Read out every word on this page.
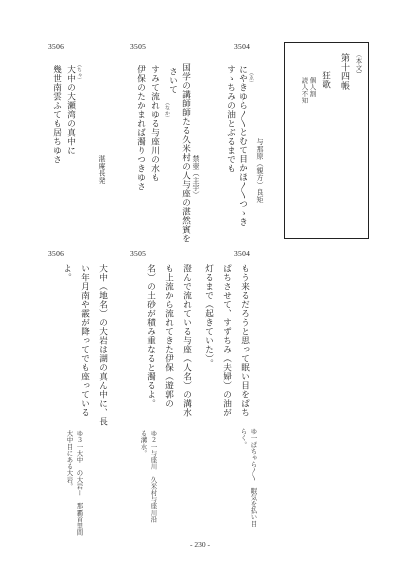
（本文）
第十四帳
狂歌
個人割
読人不知
3504
与那原（親方）良矩
（ゑ）
にやきゆら〳〵とむて目かほ〳〵つゝき
すゝちみの油とぶるまでも
3505
禁壺（主宇）
国学の講師師たる久米村の人与座の湛然賓を
さいて
（なか）
すみて流れゆる与座川の水も
伊保のたかまれば濁りつきゆさ
3506
湛庵長発
（ちゃ）
大中の大瀬湾の真中に
幾世南雲ふても居ちゆさ
3504
もう来るだろうと思って眠い目をぱち
ぱちさせて、すずちみ（夫婦）の油が
灯るまで（起きていた）。
ゆ一ぱちゃら〳〵　眠気を払い目
らく。
3505
澄んで流れている与座（人名）の溝水
も上流から流れてきた伊保（遊郭の
名）の土砂が積み重なると濁るよ。
ゆ２一与座川　久米村与座川沿
る溝水。
3506
大中（地名）の大岩は湖の真ん中に、長
い年月南や霰が降ってでも座っている
よ。
ゆ３一大中　の大岩ー　那覇首里間
大中目にある大岩。
- 230 -
